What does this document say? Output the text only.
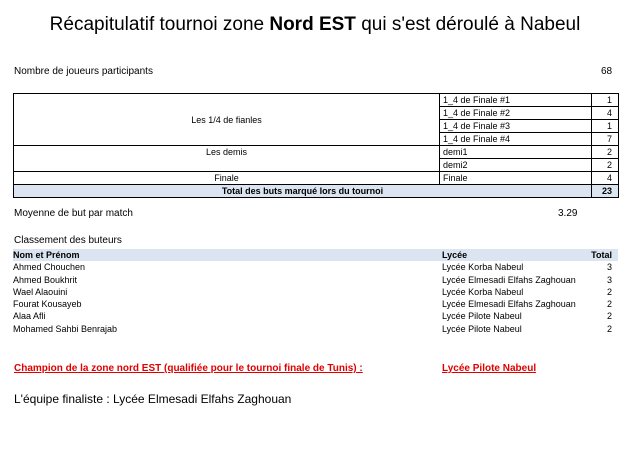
Récapitulatif tournoi zone Nord EST qui s'est déroulé à Nabeul
Nombre de joueurs participants	68
Les 1/4 de fianles	1_4 de Finale #1	1
	1_4 de Finale #2	4
	1_4 de Finale #3	1
	1_4 de Finale #4	7
Les demis	demi1	2
	demi2	2
Finale	Finale	4
Total des buts marqué lors du tournoi		23
Moyenne de but par match	3.29
Classement des buteurs
Nom et Prénom	Lycée	Total
Ahmed Chouchen	Lycée Korba Nabeul	3
Ahmed Boukhrit	Lycée Elmesadi Elfahs Zaghouan	3
Wael Alaouini	Lycée Korba Nabeul	2
Fourat Kousayeb	Lycée Elmesadi Elfahs Zaghouan	2
Alaa Afli	Lycée Pilote Nabeul	2
Mohamed Sahbi Benrajab	Lycée Pilote Nabeul	2
Champion de la zone nord EST (qualifiée pour le tournoi finale de Tunis) :	Lycée Pilote Nabeul
L'équipe finaliste : Lycée Elmesadi Elfahs Zaghouan
